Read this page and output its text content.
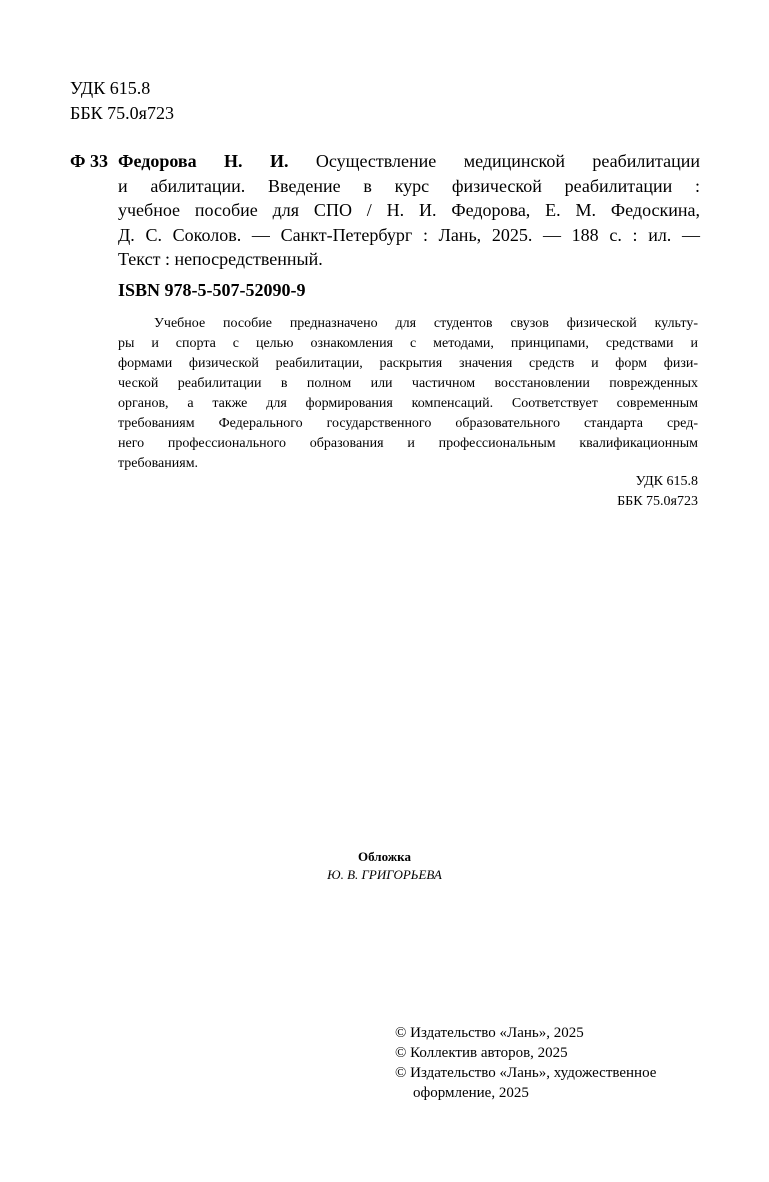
УДК 615.8
ББК 75.0я723
Ф 33 Федорова Н. И. Осуществление медицинской реабилитации
и абилитации. Введение в курс физической реабилитации :
учебное пособие для СПО / Н. И. Федорова, Е. М. Федоскина,
Д. С. Соколов. — Санкт-Петербург : Лань, 2025. — 188 с. : ил. —
Текст : непосредственный.
ISBN 978-5-507-52090-9
Учебное пособие предназначено для студентов свузов физической культу-
ры и спорта с целью ознакомления с методами, принципами, средствами и
формами физической реабилитации, раскрытия значения средств и форм физи-
ческой реабилитации в полном или частичном восстановлении поврежденных
органов, а также для формирования компенсаций. Соответствует современным
требованиям Федерального государственного образовательного стандарта сред-
него профессионального образования и профессиональным квалификационным
требованиям.
УДК 615.8
ББК 75.0я723
Обложка
Ю. В. ГРИГОРЬЕВА
© Издательство «Лань», 2025
© Коллектив авторов, 2025
© Издательство «Лань», художественное
оформление, 2025
